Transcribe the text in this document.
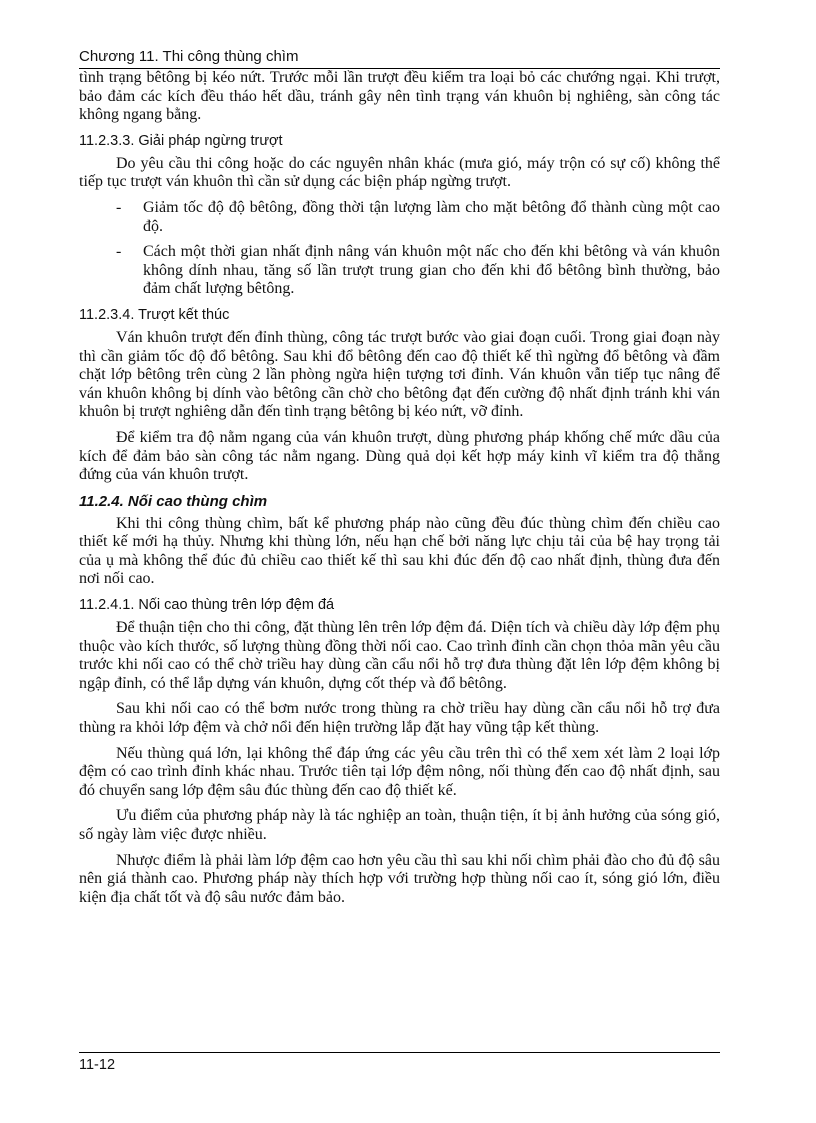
Chương 11. Thi công thùng chìm

tình trạng bêtông bị kéo nứt. Trước mỗi lần trượt đều kiểm tra loại bỏ các chướng ngại. Khi trượt, bảo đảm các kích đều tháo hết dầu, tránh gây nên tình trạng ván khuôn bị nghiêng, sàn công tác không ngang bằng.

11.2.3.3. Giải pháp ngừng trượt

Do yêu cầu thi công hoặc do các nguyên nhân khác (mưa gió, máy trộn có sự cố) không thể tiếp tục trượt ván khuôn thì cần sử dụng các biện pháp ngừng trượt.

- Giảm tốc độ độ bêtông, đồng thời tận lượng làm cho mặt bêtông đổ thành cùng một cao độ.
- Cách một thời gian nhất định nâng ván khuôn một nấc cho đến khi bêtông và ván khuôn không dính nhau, tăng số lần trượt trung gian cho đến khi đổ bêtông bình thường, bảo đảm chất lượng bêtông.
11.2.3.4. Trượt kết thúc

Ván khuôn trượt đến đỉnh thùng, công tác trượt bước vào giai đoạn cuối. Trong giai đoạn này thì cần giảm tốc độ đổ bêtông. Sau khi đổ bêtông đến cao độ thiết kế thì ngừng đổ bêtông và đầm chặt lớp bêtông trên cùng 2 lần phòng ngừa hiện tượng tơi đỉnh. Ván khuôn vẫn tiếp tục nâng để ván khuôn không bị dính vào bêtông cần chờ cho bêtông đạt đến cường độ nhất định tránh khi ván khuôn bị trượt nghiêng dẫn đến tình trạng bêtông bị kéo nứt, vỡ đỉnh.

Để kiểm tra độ nằm ngang của ván khuôn trượt, dùng phương pháp khống chế mức dầu của kích để đảm bảo sàn công tác nằm ngang. Dùng quả dọi kết hợp máy kinh vĩ kiểm tra độ thẳng đứng của ván khuôn trượt.

11.2.4. Nối cao thùng chìm

Khi thi công thùng chìm, bất kể phương pháp nào cũng đều đúc thùng chìm đến chiều cao thiết kế mới hạ thủy. Nhưng khi thùng lớn, nếu hạn chế bởi năng lực chịu tải của bệ hay trọng tải của ụ mà không thể đúc đủ chiều cao thiết kế thì sau khi đúc đến độ cao nhất định, thùng đưa đến nơi nối cao.

11.2.4.1. Nối cao thùng trên lớp đệm đá

Để thuận tiện cho thi công, đặt thùng lên trên lớp đệm đá. Diện tích và chiều dày lớp đệm phụ thuộc vào kích thước, số lượng thùng đồng thời nối cao. Cao trình đỉnh cần chọn thỏa mãn yêu cầu trước khi nối cao có thể chờ triều hay dùng cần cẩu nổi hỗ trợ đưa thùng đặt lên lớp đệm không bị ngập đỉnh, có thể lắp dựng ván khuôn, dựng cốt thép và đổ bêtông.

Sau khi nối cao có thể bơm nước trong thùng ra chờ triều hay dùng cần cẩu nổi hỗ trợ đưa thùng ra khỏi lớp đệm và chở nổi đến hiện trường lắp đặt hay vũng tập kết thùng.

Nếu thùng quá lớn, lại không thể đáp ứng các yêu cầu trên thì có thể xem xét làm 2 loại lớp đệm có cao trình đỉnh khác nhau. Trước tiên tại lớp đệm nông, nối thùng đến cao độ nhất định, sau đó chuyển sang lớp đệm sâu đúc thùng đến cao độ thiết kế.

Ưu điểm của phương pháp này là tác nghiệp an toàn, thuận tiện, ít bị ảnh hưởng của sóng gió, số ngày làm việc được nhiều.

Nhược điểm là phải làm lớp đệm cao hơn yêu cầu thì sau khi nối chìm phải đào cho đủ độ sâu nên giá thành cao. Phương pháp này thích hợp với trường hợp thùng nối cao ít, sóng gió lớn, điều kiện địa chất tốt và độ sâu nước đảm bảo.

11-12
